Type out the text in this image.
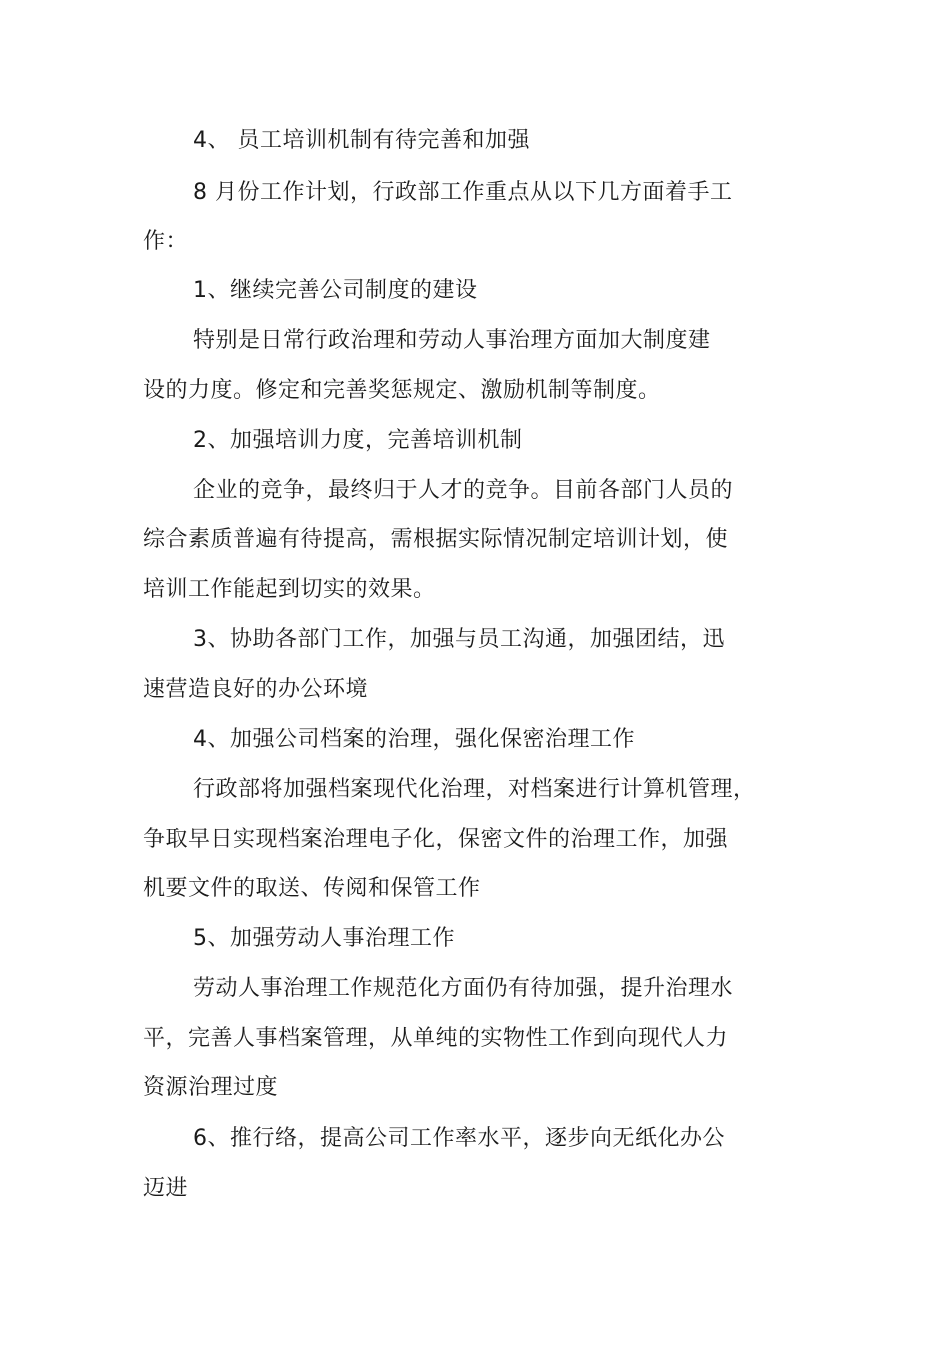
4、 员工培训机制有待完善和加强
8 月份工作计划，行政部工作重点从以下几方面着手工
作：
1、继续完善公司制度的建设
特别是日常行政治理和劳动人事治理方面加大制度建
设的力度。修定和完善奖惩规定、激励机制等制度。
2、加强培训力度，完善培训机制
企业的竞争，最终归于人才的竞争。目前各部门人员的
综合素质普遍有待提高，需根据实际情况制定培训计划，使
培训工作能起到切实的效果。
3、协助各部门工作，加强与员工沟通，加强团结，迅
速营造良好的办公环境
4、加强公司档案的治理，强化保密治理工作
行政部将加强档案现代化治理，对档案进行计算机管理，
争取早日实现档案治理电子化，保密文件的治理工作，加强
机要文件的取送、传阅和保管工作
5、加强劳动人事治理工作
劳动人事治理工作规范化方面仍有待加强，提升治理水
平，完善人事档案管理，从单纯的实物性工作到向现代人力
资源治理过度
6、推行络，提高公司工作率水平，逐步向无纸化办公
迈进
